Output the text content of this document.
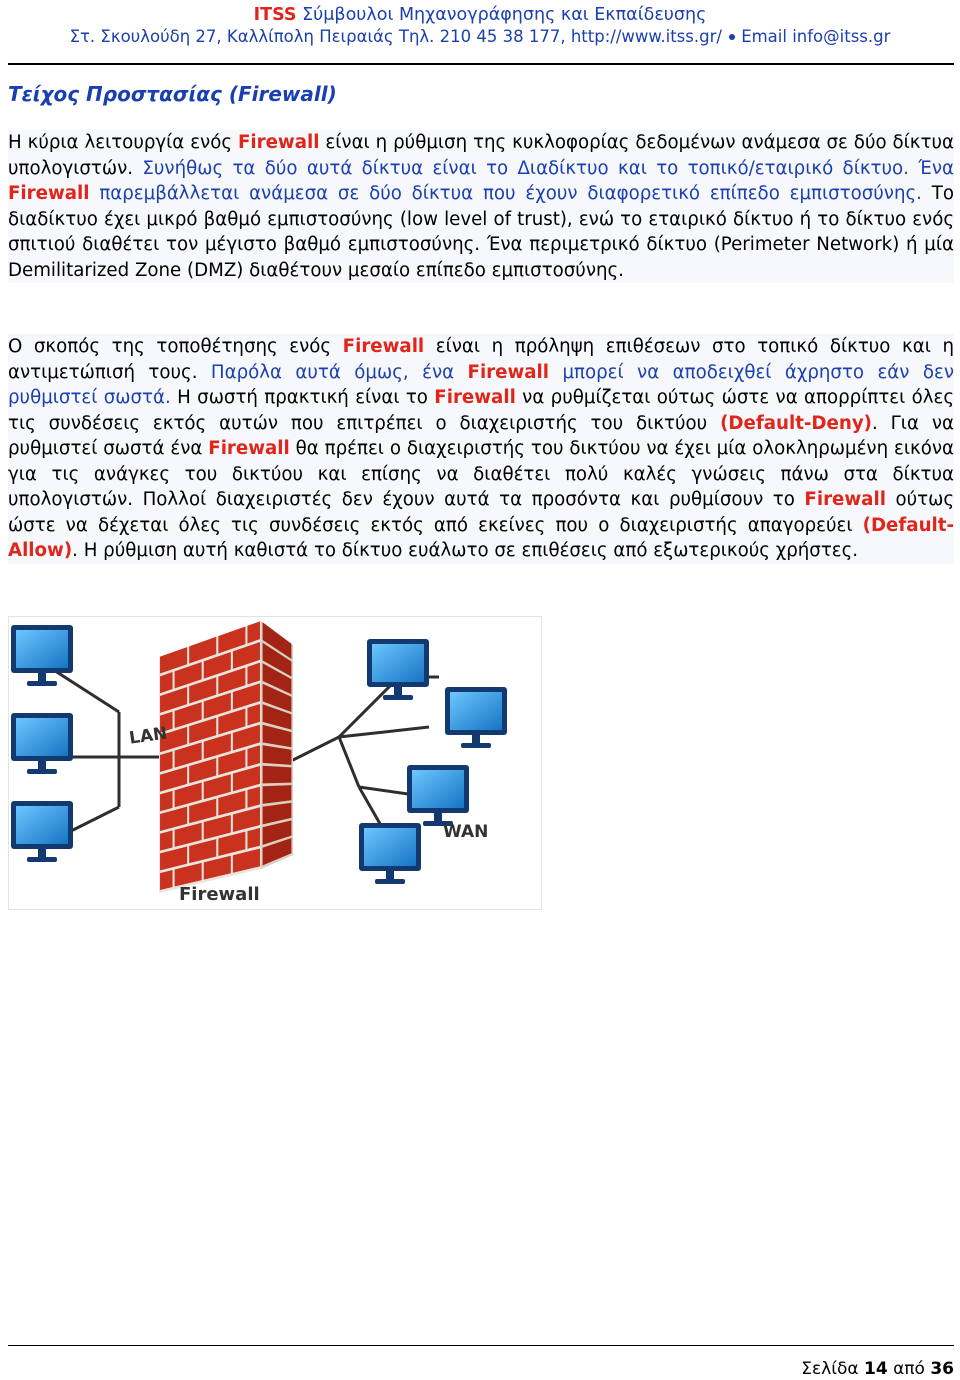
ITSS Σύμβουλοι Μηχανογράφησης και Εκπαίδευσης
Στ. Σκουλούδη 27, Καλλίπολη Πειραιάς Τηλ. 210 45 38 177, http://www.itss.gr/ Email info@itss.gr
Τείχος Προστασίας (Firewall)

Η κύρια λειτουργία ενός Firewall είναι η ρύθμιση της κυκλοφορίας δεδομένων ανάμεσα σε δύο δίκτυα υπολογιστών. Συνήθως τα δύο αυτά δίκτυα είναι το Διαδίκτυο και το τοπικό/εταιρικό δίκτυο. Ένα Firewall παρεμβάλλεται ανάμεσα σε δύο δίκτυα που έχουν διαφορετικό επίπεδο εμπιστοσύνης. Το διαδίκτυο έχει μικρό βαθμό εμπιστοσύνης (low level of trust), ενώ το εταιρικό δίκτυο ή το δίκτυο ενός σπιτιού διαθέτει τον μέγιστο βαθμό εμπιστοσύνης. Ένα περιμετρικό δίκτυο (Perimeter Network) ή μία Demilitarized Zone (DMZ) διαθέτουν μεσαίο επίπεδο εμπιστοσύνης.

Ο σκοπός της τοποθέτησης ενός Firewall είναι η πρόληψη επιθέσεων στο τοπικό δίκτυο και η αντιμετώπισή τους. Παρόλα αυτά όμως, ένα Firewall μπορεί να αποδειχθεί άχρηστο εάν δεν ρυθμιστεί σωστά. Η σωστή πρακτική είναι το Firewall να ρυθμίζεται ούτως ώστε να απορρίπτει όλες τις συνδέσεις εκτός αυτών που επιτρέπει ο διαχειριστής του δικτύου (Default-Deny). Για να ρυθμιστεί σωστά ένα Firewall θα πρέπει ο διαχειριστής του δικτύου να έχει μία ολοκληρωμένη εικόνα για τις ανάγκες του δικτύου και επίσης να διαθέτει πολύ καλές γνώσεις πάνω στα δίκτυα υπολογιστών. Πολλοί διαχειριστές δεν έχουν αυτά τα προσόντα και ρυθμίσουν το Firewall ούτως ώστε να δέχεται όλες τις συνδέσεις εκτός από εκείνες που ο διαχειριστής απαγορεύει (Default-Allow). Η ρύθμιση αυτή καθιστά το δίκτυο ευάλωτο σε επιθέσεις από εξωτερικούς χρήστες.

LAN
WAN
Firewall
Σελίδα 14 από 36
